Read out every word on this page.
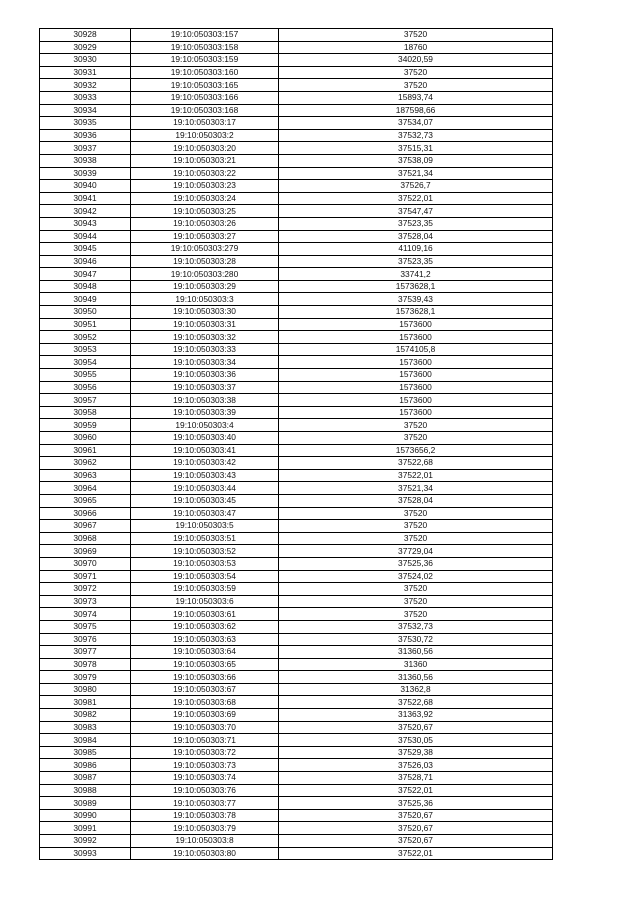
30928	19:10:050303:157	37520
30929	19:10:050303:158	18760
30930	19:10:050303:159	34020,59
30931	19:10:050303:160	37520
30932	19:10:050303:165	37520
30933	19:10:050303:166	15893,74
30934	19:10:050303:168	187598,66
30935	19:10:050303:17	37534,07
30936	19:10:050303:2	37532,73
30937	19:10:050303:20	37515,31
30938	19:10:050303:21	37538,09
30939	19:10:050303:22	37521,34
30940	19:10:050303:23	37526,7
30941	19:10:050303:24	37522,01
30942	19:10:050303:25	37547,47
30943	19:10:050303:26	37523,35
30944	19:10:050303:27	37528,04
30945	19:10:050303:279	41109,16
30946	19:10:050303:28	37523,35
30947	19:10:050303:280	33741,2
30948	19:10:050303:29	1573628,1
30949	19:10:050303:3	37539,43
30950	19:10:050303:30	1573628,1
30951	19:10:050303:31	1573600
30952	19:10:050303:32	1573600
30953	19:10:050303:33	1574105,8
30954	19:10:050303:34	1573600
30955	19:10:050303:36	1573600
30956	19:10:050303:37	1573600
30957	19:10:050303:38	1573600
30958	19:10:050303:39	1573600
30959	19:10:050303:4	37520
30960	19:10:050303:40	37520
30961	19:10:050303:41	1573656,2
30962	19:10:050303:42	37522,68
30963	19:10:050303:43	37522,01
30964	19:10:050303:44	37521,34
30965	19:10:050303:45	37528,04
30966	19:10:050303:47	37520
30967	19:10:050303:5	37520
30968	19:10:050303:51	37520
30969	19:10:050303:52	37729,04
30970	19:10:050303:53	37525,36
30971	19:10:050303:54	37524,02
30972	19:10:050303:59	37520
30973	19:10:050303:6	37520
30974	19:10:050303:61	37520
30975	19:10:050303:62	37532,73
30976	19:10:050303:63	37530,72
30977	19:10:050303:64	31360,56
30978	19:10:050303:65	31360
30979	19:10:050303:66	31360,56
30980	19:10:050303:67	31362,8
30981	19:10:050303:68	37522,68
30982	19:10:050303:69	31363,92
30983	19:10:050303:70	37520,67
30984	19:10:050303:71	37530,05
30985	19:10:050303:72	37529,38
30986	19:10:050303:73	37526,03
30987	19:10:050303:74	37528,71
30988	19:10:050303:76	37522,01
30989	19:10:050303:77	37525,36
30990	19:10:050303:78	37520,67
30991	19:10:050303:79	37520,67
30992	19:10:050303:8	37520,67
30993	19:10:050303:80	37522,01
